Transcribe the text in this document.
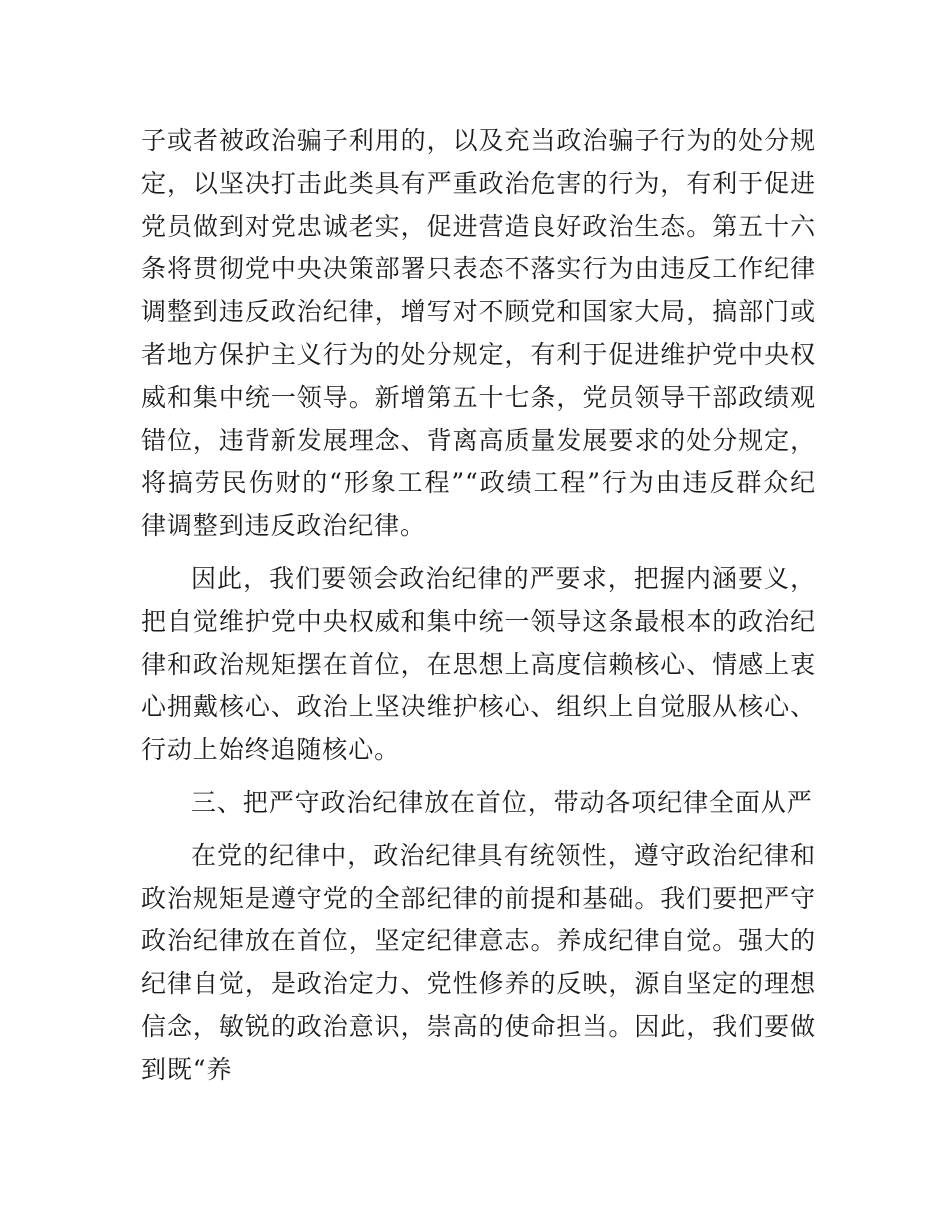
子或者被政治骗子利用的，以及充当政治骗子行为的处分规定，以坚决打击此类具有严重政治危害的行为，有利于促进党员做到对党忠诚老实，促进营造良好政治生态。第五十六条将贯彻党中央决策部署只表态不落实行为由违反工作纪律调整到违反政治纪律，增写对不顾党和国家大局，搞部门或者地方保护主义行为的处分规定，有利于促进维护党中央权威和集中统一领导。新增第五十七条，党员领导干部政绩观错位，违背新发展理念、背离高质量发展要求的处分规定，将搞劳民伤财的“形象工程”“政绩工程”行为由违反群众纪律调整到违反政治纪律。

因此，我们要领会政治纪律的严要求，把握内涵要义，把自觉维护党中央权威和集中统一领导这条最根本的政治纪律和政治规矩摆在首位，在思想上高度信赖核心、情感上衷心拥戴核心、政治上坚决维护核心、组织上自觉服从核心、行动上始终追随核心。

三、把严守政治纪律放在首位，带动各项纪律全面从严

在党的纪律中，政治纪律具有统领性，遵守政治纪律和政治规矩是遵守党的全部纪律的前提和基础。我们要把严守政治纪律放在首位，坚定纪律意志。养成纪律自觉。强大的纪律自觉，是政治定力、党性修养的反映，源自坚定的理想信念，敏锐的政治意识，崇高的使命担当。因此，我们要做到既“养
